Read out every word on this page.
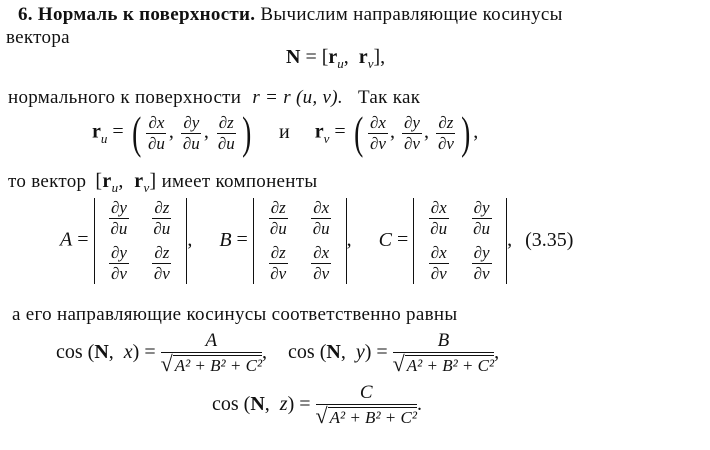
6. Нормаль к поверхности. Вычислим направляющие косинусы
вектора
$N = [r_u$,  $r_v$],
нормального к поверхности r = r (u, v). Так как
$r_u$ = ( $\frac{\partial x}{\partial u}$ , $\frac{\partial y}{\partial u}$ , $\frac{\partial z}{\partial u}$ ) и $r_v$ = ( $\frac{\partial x}{\partial v}$ , $\frac{\partial y}{\partial v}$ , $\frac{\partial z}{\partial v}$ ) ,
то вектор [$r_u$,  $r_v$] имеет компоненты
A =
$\frac{\partial y}{\partial u} \frac{\partial z}{\partial u}$
$\frac{\partial y}{\partial v} \frac{\partial z}{\partial v}$
, B =
$\frac{\partial z}{\partial u} \frac{\partial x}{\partial u}$
$\frac{\partial z}{\partial v} \frac{\partial x}{\partial v}$
, C =
$\frac{\partial x}{\partial u} \frac{\partial y}{\partial u}$
$\frac{\partial x}{\partial v} \frac{\partial y}{\partial v}$
, (3.35)
а его направляющие косинусы соответственно равны
cos (N,  $x) = \frac{A}{\text{√ A² + B² + C²}}$ , cos (N,  $y) = \frac{B}{\text{√ A² + B² + C²}}$ ,
cos (N,  $z) = \frac{C}{\text{√ A² + B² + C²}}$ .
